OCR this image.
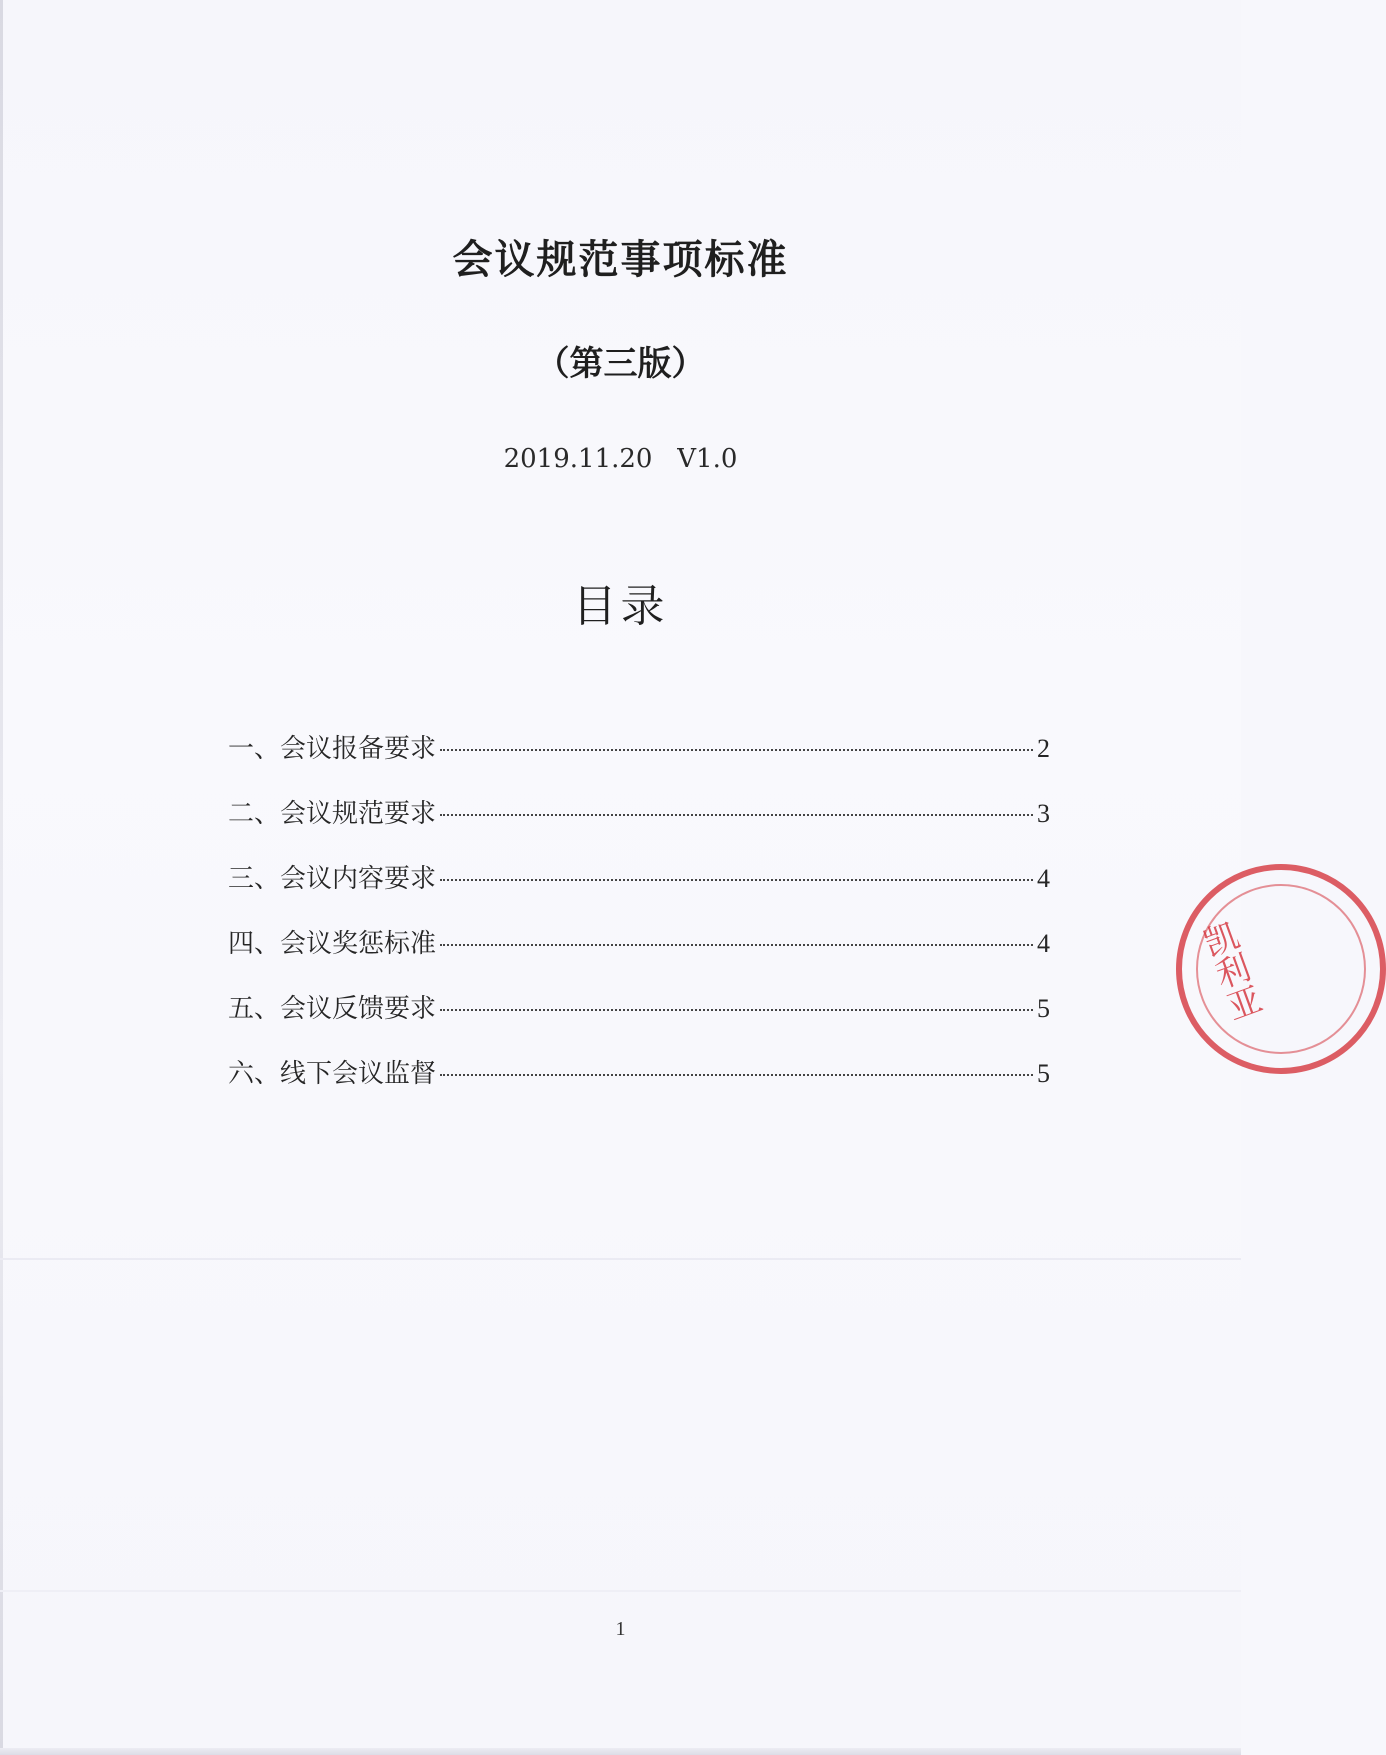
会议规范事项标准
（第三版）
2019.11.20   V1.0
目录
一、会议报备要求	2
二、会议规范要求	3
三、会议内容要求	4
四、会议奖惩标准	4
五、会议反馈要求	5
六、线下会议监督	5
1
凯利亚
